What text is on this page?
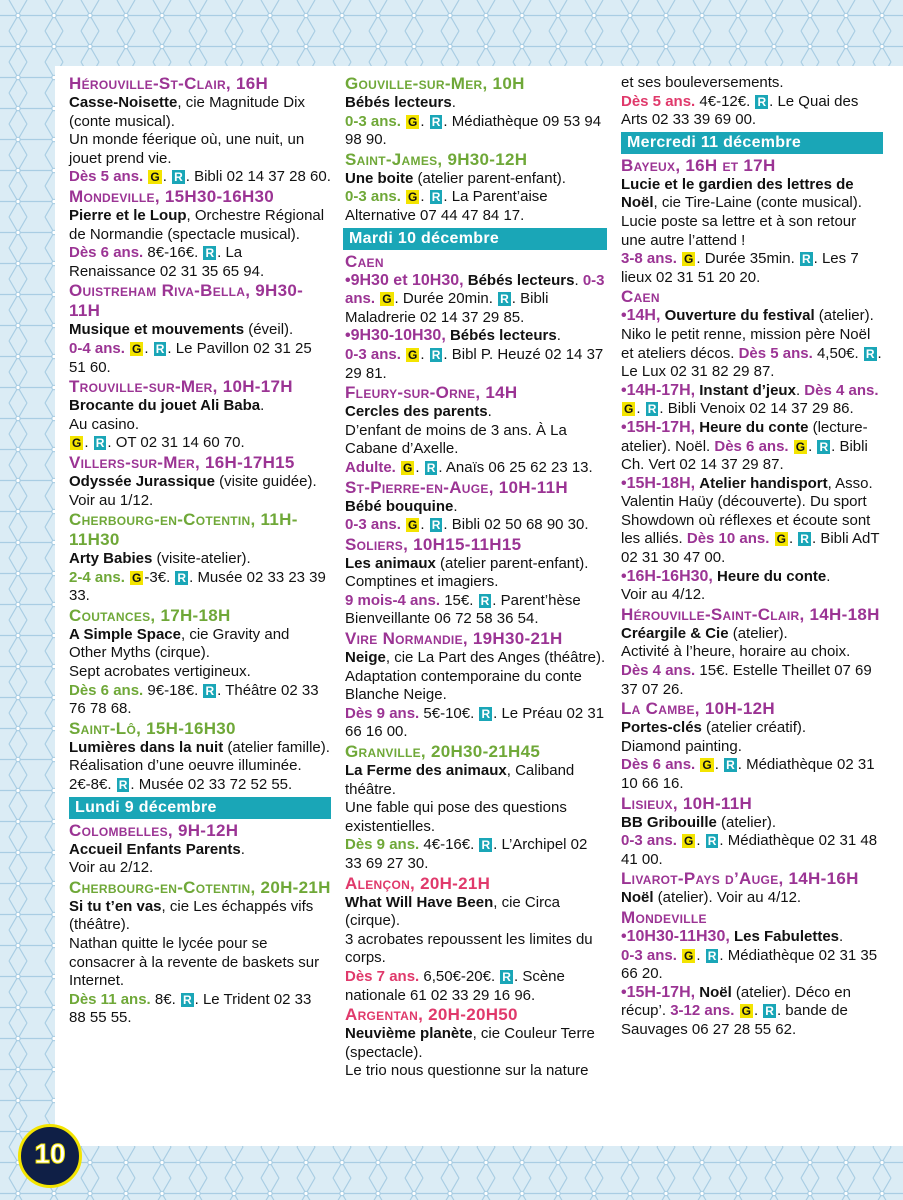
Hérouville-St-Clair, 16H
Casse-Noisette, cie Magnitude Dix (conte musical).
Un monde féerique où, une nuit, un jouet prend vie.
Dès 5 ans. G . R . Bibli 02 14 37 28 60.
Mondeville, 15H30-16H30
Pierre et le Loup, Orchestre Régional de Normandie (spectacle musical).
Dès 6 ans. 8€-16€. R . La Renaissance 02 31 35 65 94.
Ouistreham Riva-Bella, 9H30-11H
Musique et mouvements (éveil).
0-4 ans. G . R . Le Pavillon 02 31 25 51 60.
Trouville-sur-Mer, 10H-17H
Brocante du jouet Ali Baba.
Au casino.
G . R . OT 02 31 14 60 70.
Villers-sur-Mer, 16H-17H15
Odyssée Jurassique (visite guidée). Voir au 1/12.
Cherbourg-en-Cotentin, 11H-11H30
Arty Babies (visite-atelier).
2-4 ans. G -3€. R . Musée 02 33 23 39 33.
Coutances, 17H-18H
A Simple Space, cie Gravity and Other Myths (cirque).
Sept acrobates vertigineux.
Dès 6 ans. 9€-18€. R . Théâtre 02 33 76 78 68.
Saint-Lô, 15H-16H30
Lumières dans la nuit (atelier famille).
Réalisation d’une oeuvre illuminée.
2€-8€. R . Musée 02 33 72 52 55.
Lundi 9 décembre
Colombelles, 9H-12H
Accueil Enfants Parents.
Voir au 2/12.
Cherbourg-en-Cotentin, 20H-21H
Si tu t’en vas, cie Les échappés vifs (théâtre).
Nathan quitte le lycée pour se consacrer à la revente de baskets sur Internet.
Dès 11 ans. 8€. R . Le Trident 02 33 88 55 55.
Gouville-sur-Mer, 10H
Bébés lecteurs.
0-3 ans. G . R . Médiathèque 09 53 94 98 90.
Saint-James, 9H30-12H
Une boite (atelier parent-enfant).
0-3 ans. G . R . La Parent’aise Alternative 07 44 47 84 17.
Mardi 10 décembre
Caen
•9H30 et 10H30, Bébés lecteurs. 0-3 ans. G . Durée 20min. R . Bibli Maladrerie 02 14 37 29 85.
•9H30-10H30, Bébés lecteurs.
0-3 ans. G . R . Bibl P. Heuzé 02 14 37 29 81.
Fleury-sur-Orne, 14H
Cercles des parents.
D’enfant de moins de 3 ans. À La Cabane d’Axelle.
Adulte. G . R . Anaïs 06 25 62 23 13.
St-Pierre-en-Auge, 10H-11H
Bébé bouquine.
0-3 ans. G . R . Bibli 02 50 68 90 30.
Soliers, 10H15-11H15
Les animaux (atelier parent-enfant).
Comptines et imagiers.
9 mois-4 ans. 15€. R . Parent’hèse Bienveillante 06 72 58 36 54.
Vire Normandie, 19H30-21H
Neige, cie La Part des Anges (théâtre).
Adaptation contemporaine du conte Blanche Neige.
Dès 9 ans. 5€-10€. R . Le Préau 02 31 66 16 00.
Granville, 20H30-21H45
La Ferme des animaux, Caliband théâtre.
Une fable qui pose des questions existentielles.
Dès 9 ans. 4€-16€. R . L’Archipel 02 33 69 27 30.
Alençon, 20H-21H
What Will Have Been, cie Circa (cirque).
3 acrobates repoussent les limites du corps.
Dès 7 ans. 6,50€-20€. R . Scène nationale 61 02 33 29 16 96.
Argentan, 20H-20H50
Neuvième planète, cie Couleur Terre (spectacle).
Le trio nous questionne sur la nature
et ses bouleversements.
Dès 5 ans. 4€-12€. R . Le Quai des Arts 02 33 39 69 00.
Mercredi 11 décembre
Bayeux, 16H et 17H
Lucie et le gardien des lettres de Noël, cie Tire-Laine (conte musical).
Lucie poste sa lettre et à son retour une autre l’attend !
3-8 ans. G . Durée 35min. R . Les 7 lieux 02 31 51 20 20.
Caen
•14H, Ouverture du festival (atelier). Niko le petit renne, mission père Noël et ateliers décos. Dès 5 ans. 4,50€. R . Le Lux 02 31 82 29 87.
•14H-17H, Instant d’jeux. Dès 4 ans. G . R . Bibli Venoix 02 14 37 29 86.
•15H-17H, Heure du conte (lecture-atelier). Noël. Dès 6 ans. G . R . Bibli Ch. Vert 02 14 37 29 87.
•15H-18H, Atelier handisport, Asso. Valentin Haüy (découverte). Du sport Showdown où réflexes et écoute sont les alliés. Dès 10 ans. G . R . Bibli AdT 02 31 30 47 00.
•16H-16H30, Heure du conte.
Voir au 4/12.
Hérouville-Saint-Clair, 14H-18H
Créargile & Cie (atelier).
Activité à l’heure, horaire au choix.
Dès 4 ans. 15€. Estelle Theillet 07 69 37 07 26.
La Cambe, 10H-12H
Portes-clés (atelier créatif).
Diamond painting.
Dès 6 ans. G . R . Médiathèque 02 31 10 66 16.
Lisieux, 10H-11H
BB Gribouille (atelier).
0-3 ans. G . R . Médiathèque 02 31 48 41 00.
Livarot-Pays d’Auge, 14H-16H
Noël (atelier). Voir au 4/12.
Mondeville
•10H30-11H30, Les Fabulettes.
0-3 ans. G . R . Médiathèque 02 31 35 66 20.
•15H-17H, Noël (atelier). Déco en récup’. 3-12 ans. G . R . bande de Sauvages 06 27 28 55 62.
10
